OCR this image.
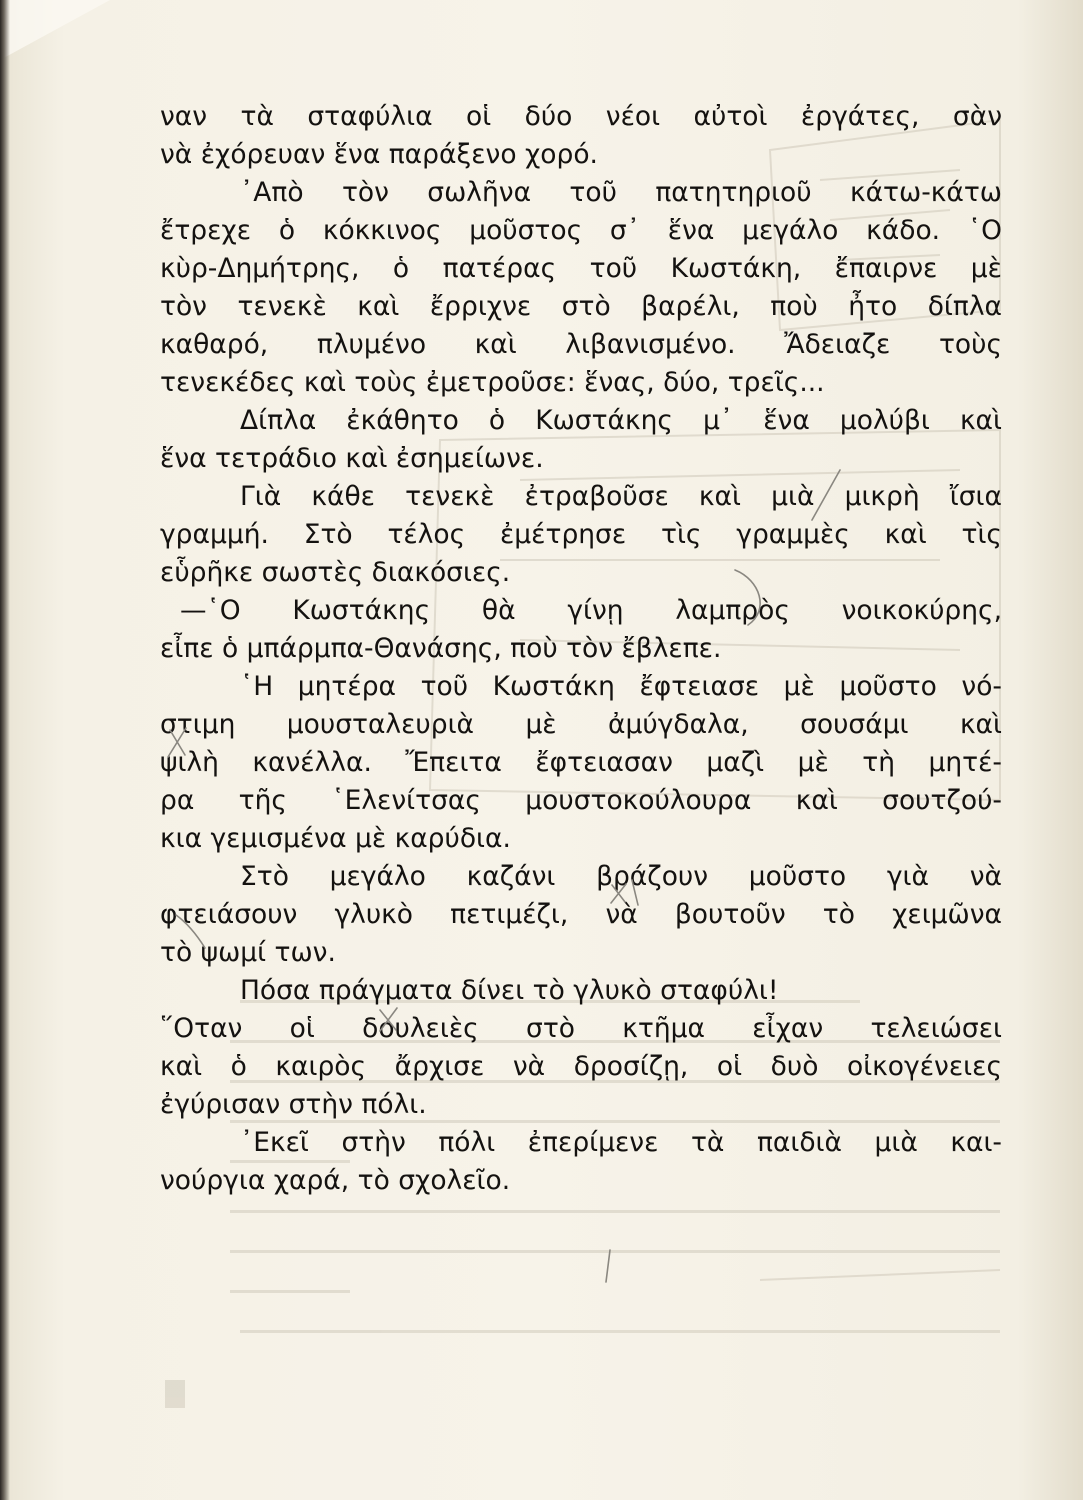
ναν τὰ σταφύλια οἱ δύο νέοι αὐτοὶ ἐργάτες, σὰν
νὰ ἐχόρευαν ἕνα παράξενο χορό.
᾿Απὸ τὸν σωλῆνα τοῦ πατητηριοῦ κάτω-κάτω
ἔτρεχε ὁ κόκκινος μοῦστος σ᾿ ἕνα μεγάλο κάδο. ῾Ο
κὺρ-Δημήτρης, ὁ πατέρας τοῦ Κωστάκη, ἔπαιρνε μὲ
τὸν τενεκὲ καὶ ἔρριχνε στὸ βαρέλι, ποὺ ἦτο δίπλα
καθαρό, πλυμένο καὶ λιβανισμένο. Ἄδειαζε τοὺς
τενεκέδες καὶ τοὺς ἐμετροῦσε: ἕνας, δύο, τρεῖς...
Δίπλα ἐκάθητο ὁ Κωστάκης μ᾿ ἕνα μολύβι καὶ
ἕνα τετράδιο καὶ ἐσημείωνε.
Γιὰ κάθε τενεκὲ ἐτραβοῦσε καὶ μιὰ μικρὴ ἴσια
γραμμή. Στὸ τέλος ἐμέτρησε τὶς γραμμὲς καὶ τὶς
εὗρῆκε σωστὲς διακόσιες.
—῾Ο Κωστάκης θὰ γίνῃ λαμπρὸς νοικοκύρης,
εἶπε ὁ μπάρμπα-Θανάσης, ποὺ τὸν ἔβλεπε.
῾Η μητέρα τοῦ Κωστάκη ἔφτειασε μὲ μοῦστο νό-
στιμη μουσταλευριὰ μὲ ἀμύγδαλα, σουσάμι καὶ
ψιλὴ κανέλλα. Ἔπειτα ἔφτειασαν μαζὶ μὲ τὴ μητέ-
ρα τῆς ῾Ελενίτσας μουστοκούλουρα καὶ σουτζού-
κια γεμισμένα μὲ καρύδια.
Στὸ μεγάλο καζάνι βράζουν μοῦστο γιὰ νὰ
φτειάσουν γλυκὸ πετιμέζι, νὰ βουτοῦν τὸ χειμῶνα
τὸ ψωμί των.
Πόσα πράγματα δίνει τὸ γλυκὸ σταφύλι!
῞Οταν οἱ δουλειὲς στὸ κτῆμα εἶχαν τελειώσει
καὶ ὁ καιρὸς ἄρχισε νὰ δροσίζῃ, οἱ δυὸ οἰκογένειες
ἐγύρισαν στὴν πόλι.
᾿Εκεῖ στὴν πόλι ἐπερίμενε τὰ παιδιὰ μιὰ και-
νούργια χαρά, τὸ σχολεῖο.
